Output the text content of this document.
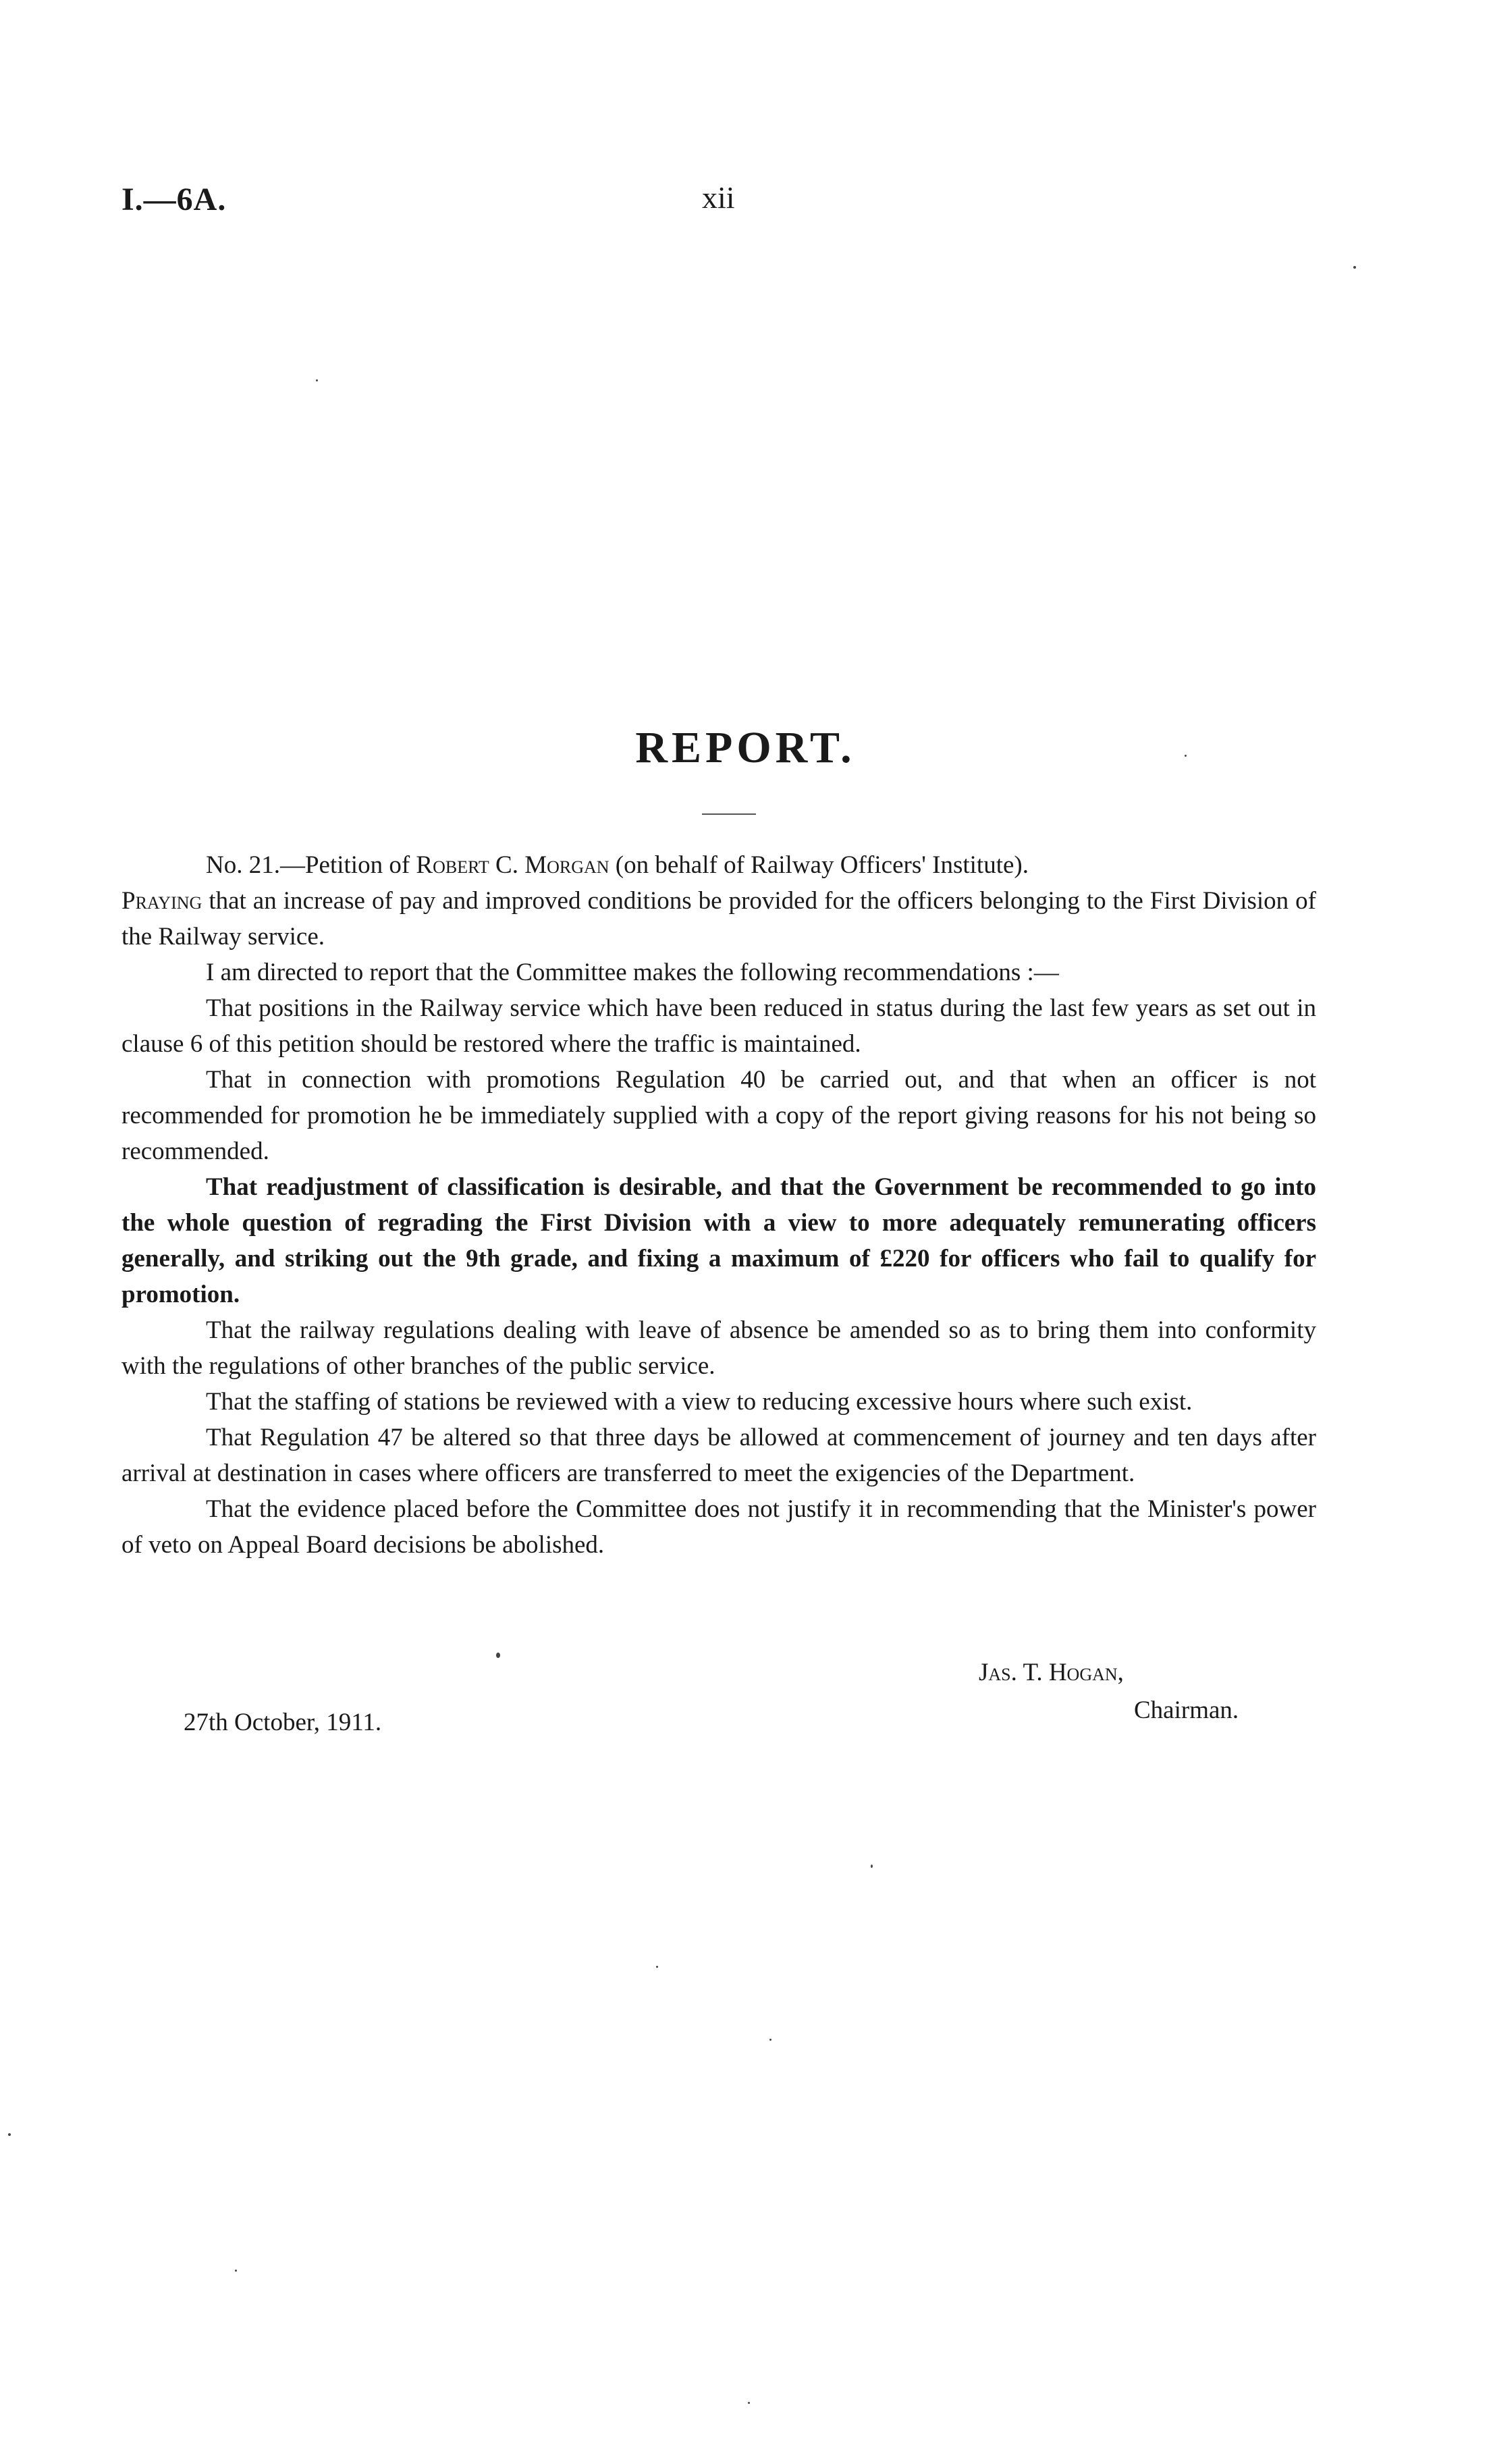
I.—6A.	xii
REPORT.

No. 21.—Petition of Robert C. Morgan (on behalf of Railway Officers' Institute).

Praying that an increase of pay and improved conditions be provided for the officers belonging to the First Division of the Railway service.

I am directed to report that the Committee makes the following recommendations :—

That positions in the Railway service which have been reduced in status during the last few years as set out in clause 6 of this petition should be restored where the traffic is maintained.

That in connection with promotions Regulation 40 be carried out, and that when an officer is not recommended for promotion he be immediately supplied with a copy of the report giving reasons for his not being so recommended.

That readjustment of classification is desirable, and that the Government be recommended to go into the whole question of regrading the First Division with a view to more adequately remunerating officers generally, and striking out the 9th grade, and fixing a maximum of £220 for officers who fail to qualify for promotion.

That the railway regulations dealing with leave of absence be amended so as to bring them into conformity with the regulations of other branches of the public service.

That the staffing of stations be reviewed with a view to reducing excessive hours where such exist.

That Regulation 47 be altered so that three days be allowed at commencement of journey and ten days after arrival at destination in cases where officers are transferred to meet the exigencies of the Department.

That the evidence placed before the Committee does not justify it in recommending that the Minister's power of veto on Appeal Board decisions be abolished.

Jas. T. Hogan,
Chairman.
27th October, 1911.
